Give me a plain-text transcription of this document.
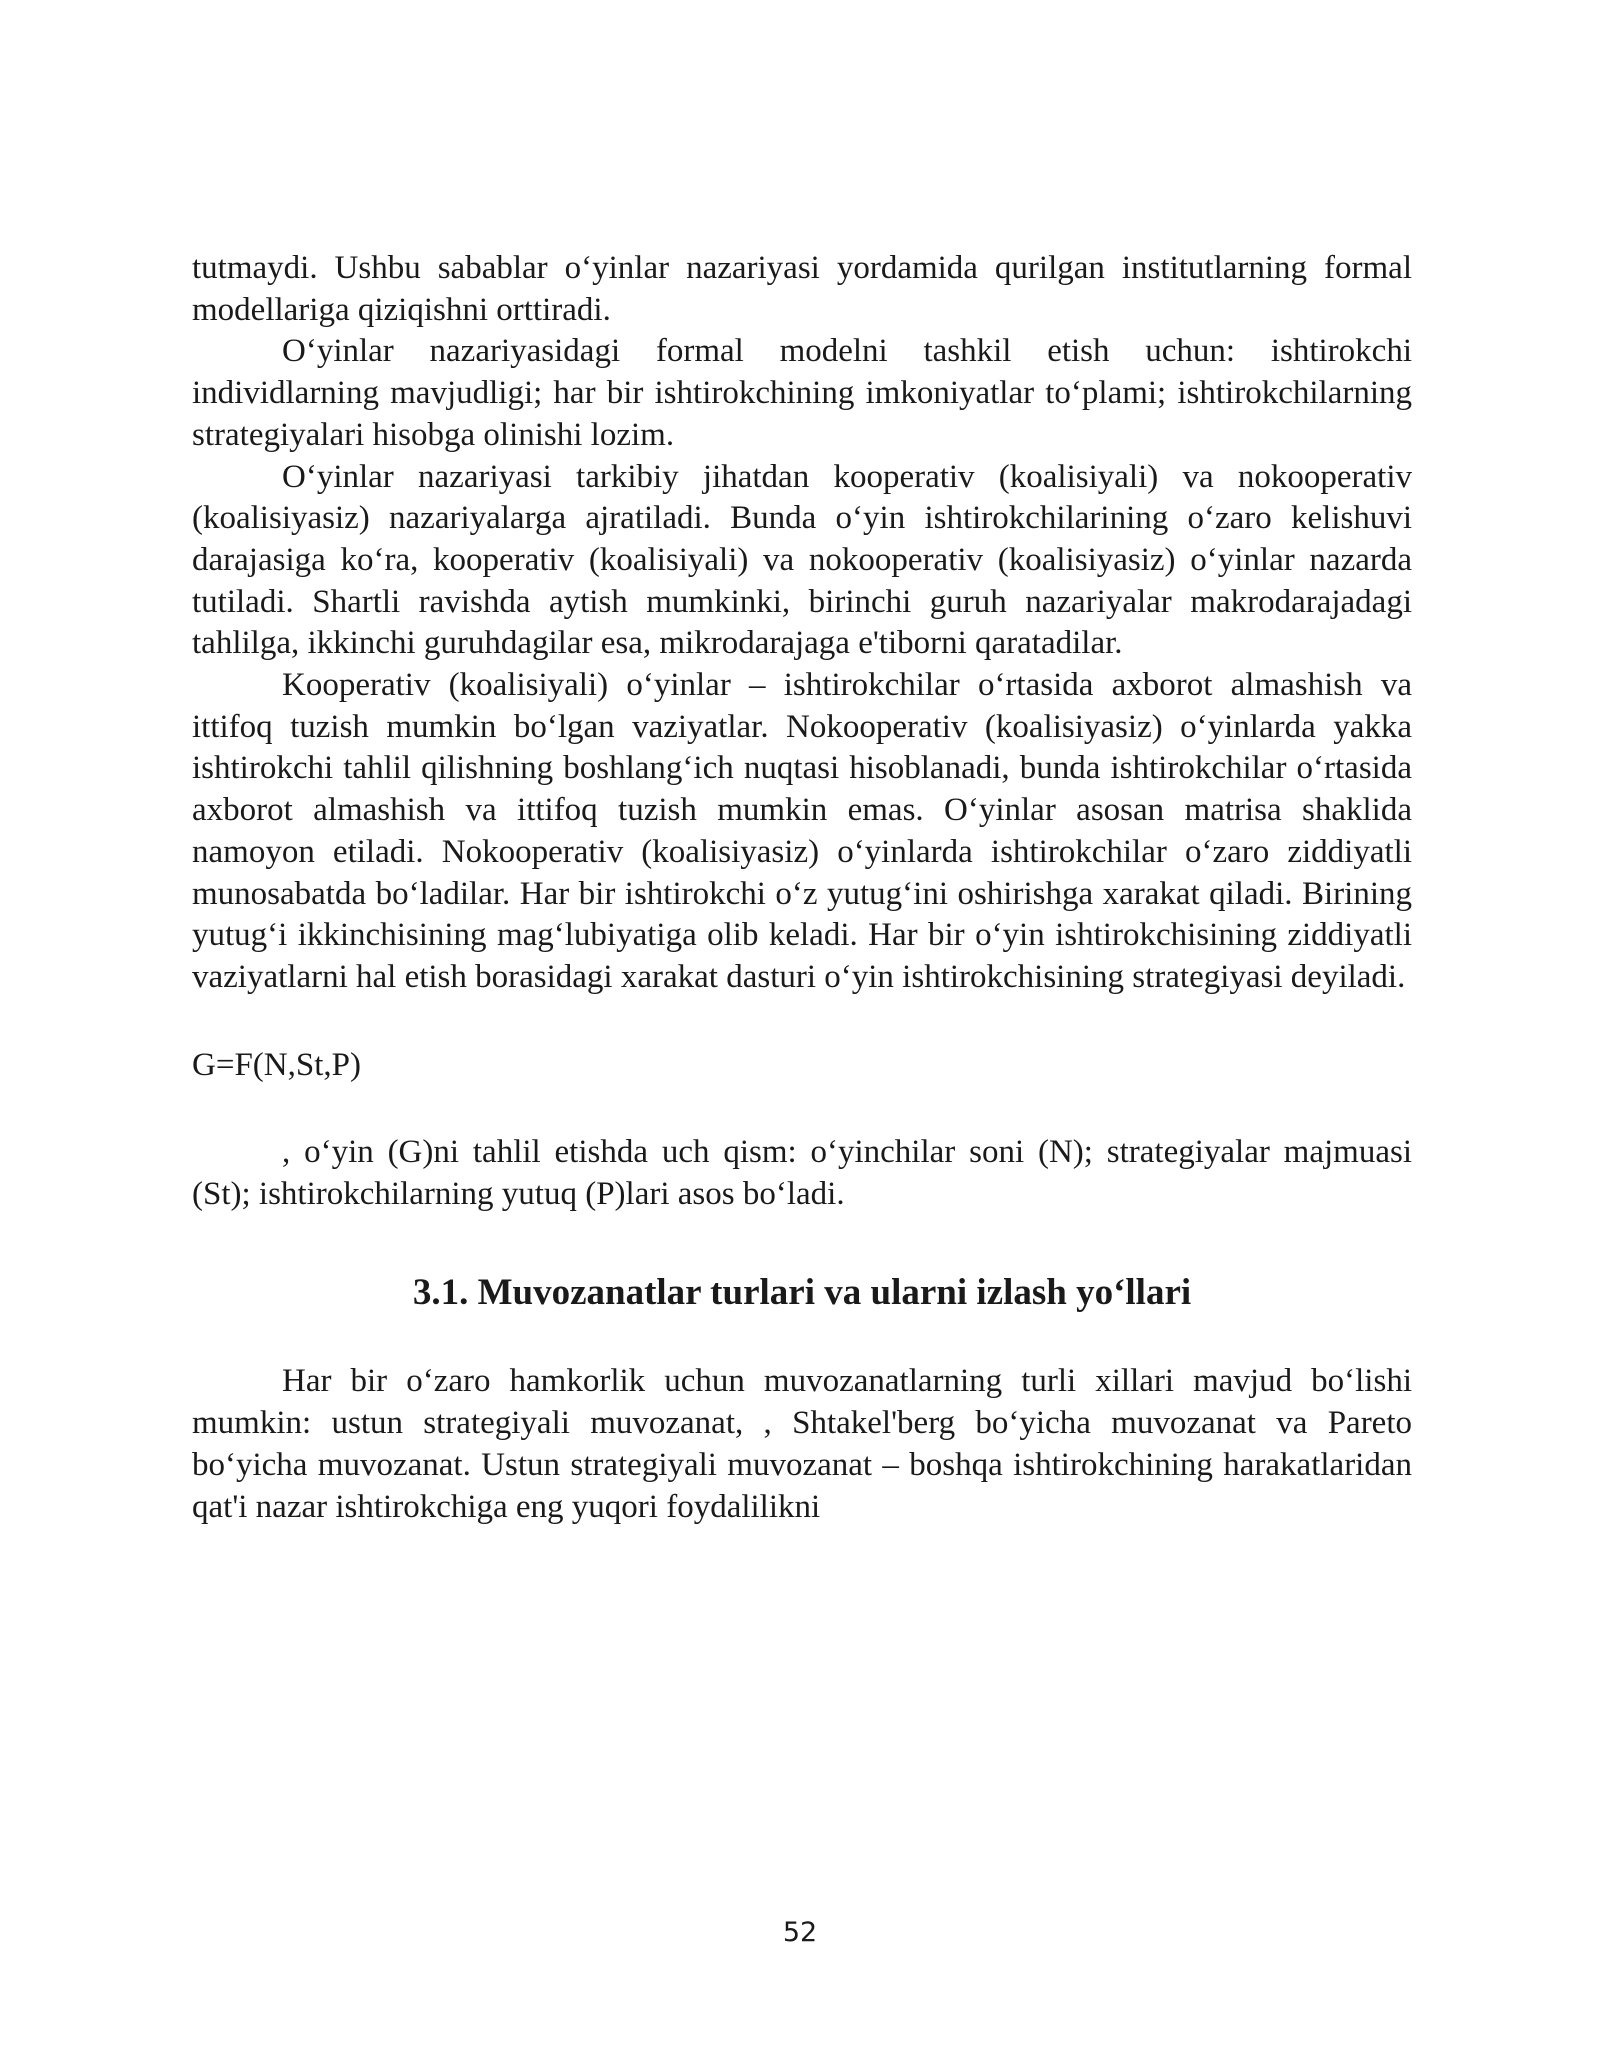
tutmaydi. Ushbu sabablar o‘yinlar nazariyasi yordamida qurilgan institutlarning formal modellariga qiziqishni orttiradi.

O‘yinlar nazariyasidagi formal modelni tashkil etish uchun: ishtirokchi individlarning mavjudligi; har bir ishtirokchining imkoniyatlar to‘plami; ishtirokchilarning strategiyalari hisobga olinishi lozim.

O‘yinlar nazariyasi tarkibiy jihatdan kooperativ (koalisiyali) va nokooperativ (koalisiyasiz) nazariyalarga ajratiladi. Bunda o‘yin ishtirokchilarining o‘zaro kelishuvi darajasiga ko‘ra, kooperativ (koalisiyali) va nokooperativ (koalisiyasiz) o‘yinlar nazarda tutiladi. Shartli ravishda aytish mumkinki, birinchi guruh nazariyalar makrodarajadagi tahlilga, ikkinchi guruhdagilar esa, mikrodarajaga e'tiborni qaratadilar.

Kooperativ (koalisiyali) o‘yinlar – ishtirokchilar o‘rtasida axborot almashish va ittifoq tuzish mumkin bo‘lgan vaziyatlar. Nokooperativ (koalisiyasiz) o‘yinlarda yakka ishtirokchi tahlil qilishning boshlang‘ich nuqtasi hisoblanadi, bunda ishtirokchilar o‘rtasida axborot almashish va ittifoq tuzish mumkin emas. O‘yinlar asosan matrisa shaklida namoyon etiladi. Nokooperativ (koalisiyasiz) o‘yinlarda ishtirokchilar o‘zaro ziddiyatli munosabatda bo‘ladilar. Har bir ishtirokchi o‘z yutug‘ini oshirishga xarakat qiladi. Birining yutug‘i ikkinchisining mag‘lubiyatiga olib keladi. Har bir o‘yin ishtirokchisining ziddiyatli vaziyatlarni hal etish borasidagi xarakat dasturi o‘yin ishtirokchisining strategiyasi deyiladi.

G=F(N,St,P)

, o‘yin (G)ni tahlil etishda uch qism: o‘yinchilar soni (N); strategiyalar majmuasi (St); ishtirokchilarning yutuq (P)lari asos bo‘ladi.

3.1. Muvozanatlar turlari va ularni izlash yo‘llari

Har bir o‘zaro hamkorlik uchun muvozanatlarning turli xillari mavjud bo‘lishi mumkin: ustun strategiyali muvozanat, , Shtakel'berg bo‘yicha muvozanat va Pareto bo‘yicha muvozanat. Ustun strategiyali muvozanat – boshqa ishtirokchining harakatlaridan qat'i nazar ishtirokchiga eng yuqori foydalilikni

52
